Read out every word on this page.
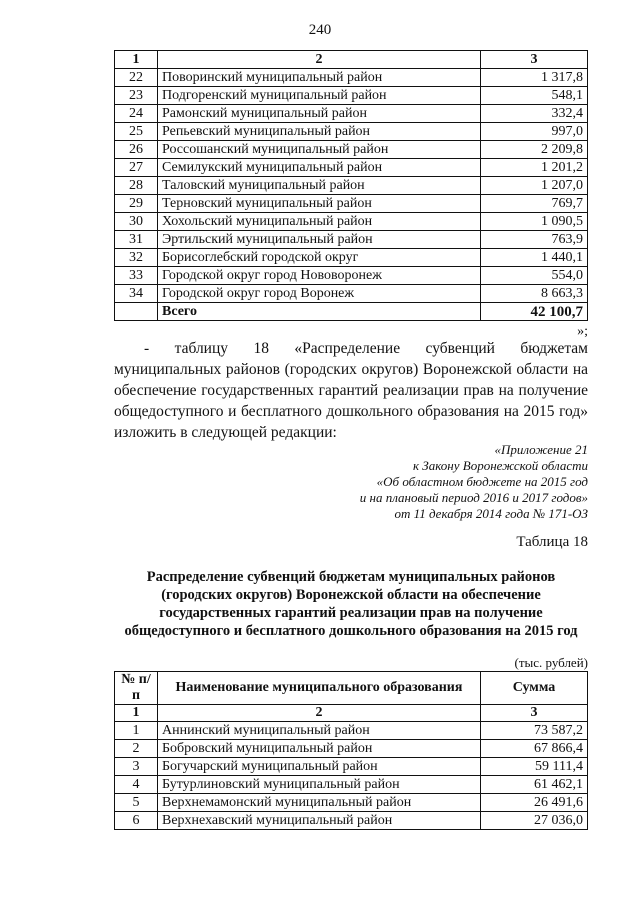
240
1	2	3
22	Поворинский муниципальный район	1 317,8
23	Подгоренский муниципальный район	548,1
24	Рамонский муниципальный район	332,4
25	Репьевский муниципальный район	997,0
26	Россошанский муниципальный район	2 209,8
27	Семилукский муниципальный район	1 201,2
28	Таловский муниципальный район	1 207,0
29	Терновский муниципальный район	769,7
30	Хохольский муниципальный район	1 090,5
31	Эртильский муниципальный район	763,9
32	Борисоглебский городской округ	1 440,1
33	Городской округ город Нововоронеж	554,0
34	Городской округ город Воронеж	8 663,3
	Всего	42 100,7
»;
- таблицу 18 «Распределение субвенций бюджетам муниципальных районов (городских округов) Воронежской области на обеспечение государственных гарантий реализации прав на получение общедоступного и бесплатного дошкольного образования на 2015 год» изложить в следующей редакции:
«Приложение 21
к Закону Воронежской области
«Об областном бюджете на 2015 год
и на плановый период 2016 и 2017 годов»
от 11 декабря 2014 года № 171-ОЗ
Таблица 18
Распределение субвенций бюджетам муниципальных районов (городских округов) Воронежской области на обеспечение государственных гарантий реализации прав на получение общедоступного и бесплатного дошкольного образования на 2015 год
(тыс. рублей)
№ п/п	Наименование муниципального образования	Сумма
1	2	3
1	Аннинский муниципальный район	73 587,2
2	Бобровский муниципальный район	67 866,4
3	Богучарский муниципальный район	59 111,4
4	Бутурлиновский муниципальный район	61 462,1
5	Верхнемамонский муниципальный район	26 491,6
6	Верхнехавский муниципальный район	27 036,0
